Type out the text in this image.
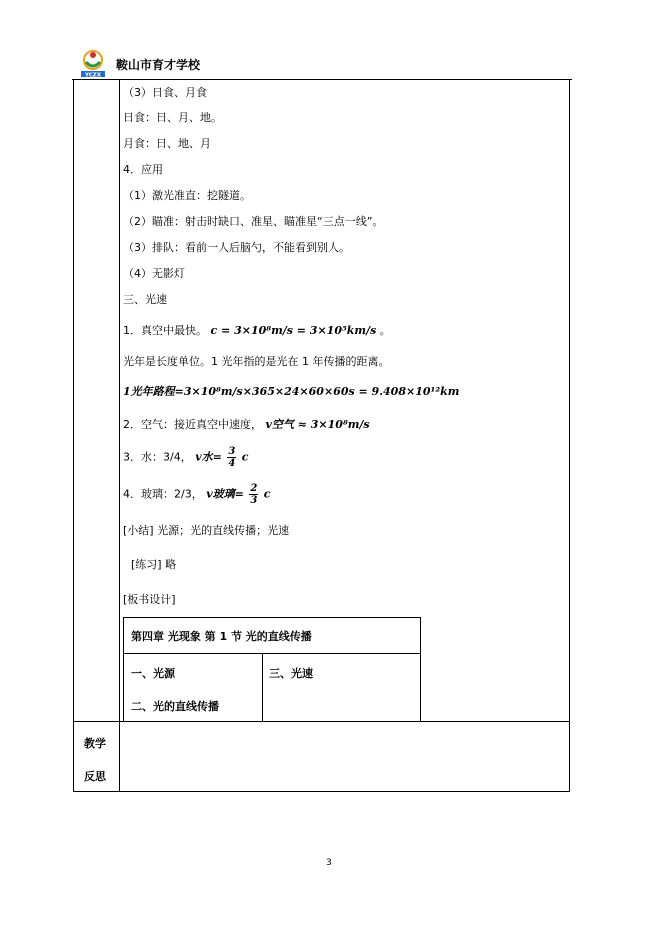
YCZX
鞍山市育才学校
（3）日食、月食
日食：日、月、地。
月食：日、地、月
4．应用
（1）激光准直：挖隧道。
（2）瞄准：射击时缺口、准星、瞄准星“三点一线”。
（3）排队：看前一人后脑勺，不能看到别人。
（4）无影灯
三、光速
1．真空中最快。 c = 3×10⁸m/s = 3×10⁵km/s 。
光年是长度单位。1 光年指的是光在 1 年传播的距离。
1光年路程=3×10⁸m/s×365×24×60×60s = 9.408×10¹²km
2．空气：接近真空中速度， v空气 ≈ 3×10⁸m/s
3．水：3/4， v水= $\frac{3}{4}$ c
4．玻璃：2/3， v玻璃= $\frac{2}{3}$ c
[小结] 光源；光的直线传播；光速
[练习] 略
[板书设计]
第四章 光现象 第 1 节 光的直线传播
一、光源
二、光的直线传播
三、光速
教学
反思
3
